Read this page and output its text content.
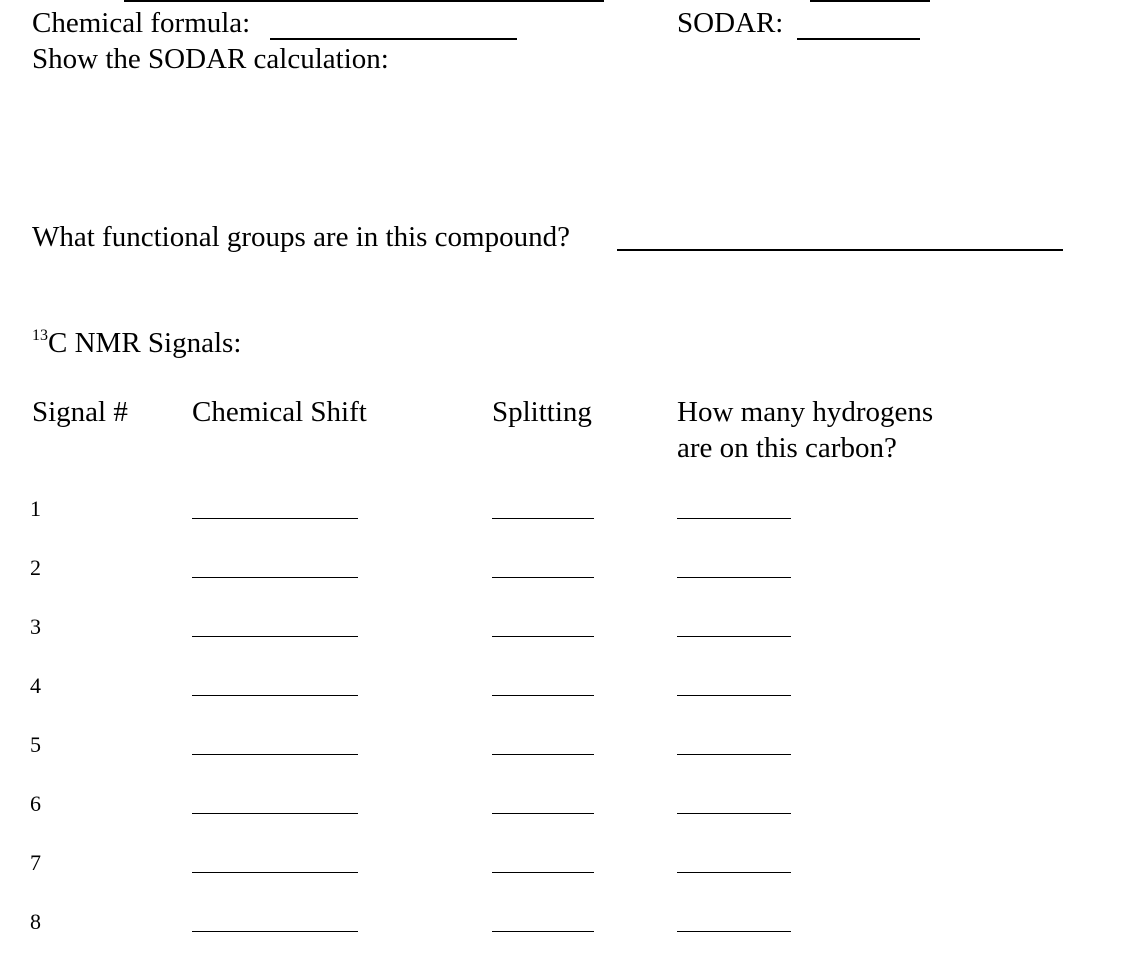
Chemical formula:	SODAR:
Show the SODAR calculation:
What functional groups are in this compound?
$^{13}$C NMR Signals:
Signal # Chemical Shift	Splitting	How many hydrogens
are on this carbon?
1
2
3
4
5
6
7
8
